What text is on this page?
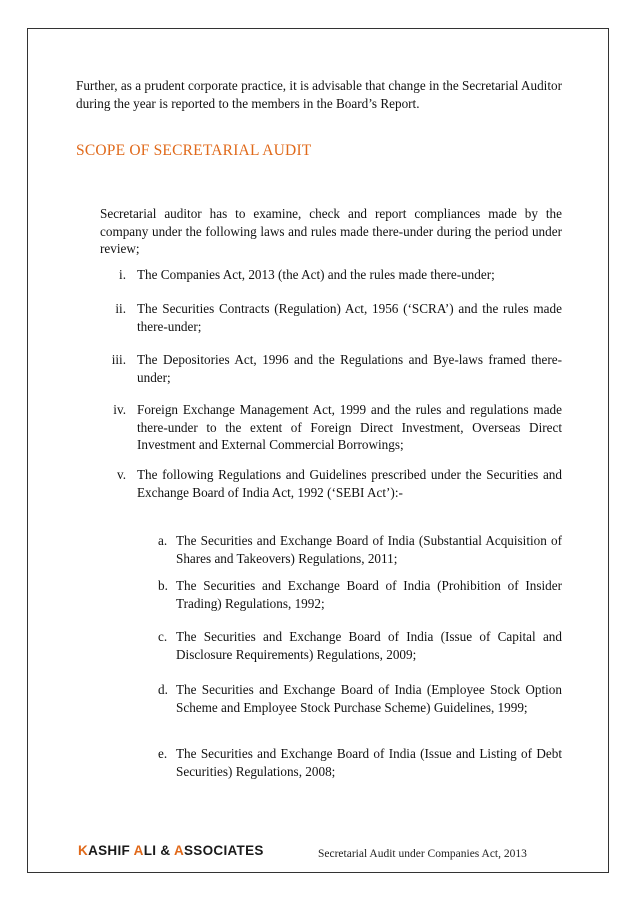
Further, as a prudent corporate practice, it is advisable that change in the Secretarial Auditor during the year is reported to the members in the Board’s Report.

SCOPE OF SECRETARIAL AUDIT

Secretarial auditor has to examine, check and report compliances made by the company under the following laws and rules made there-under during the period under review;

i. The Companies Act, 2013 (the Act) and the rules made there-under;
ii. The Securities Contracts (Regulation) Act, 1956 (‘SCRA’) and the rules made there-under;
iii. The Depositories Act, 1996 and the Regulations and Bye-laws framed there-under;
iv. Foreign Exchange Management Act, 1999 and the rules and regulations made there-under to the extent of Foreign Direct Investment, Overseas Direct Investment and External Commercial Borrowings;
v. The following Regulations and Guidelines prescribed under the Securities and Exchange Board of India Act, 1992 (‘SEBI Act’):-
a. The Securities and Exchange Board of India (Substantial Acquisition of Shares and Takeovers) Regulations, 2011;
b. The Securities and Exchange Board of India (Prohibition of Insider Trading) Regulations, 1992;
c. The Securities and Exchange Board of India (Issue of Capital and Disclosure Requirements) Regulations, 2009;
d. The Securities and Exchange Board of India (Employee Stock Option Scheme and Employee Stock Purchase Scheme) Guidelines, 1999;
e. The Securities and Exchange Board of India (Issue and Listing of Debt Securities) Regulations, 2008;
KASHIF ALI & ASSOCIATES	Secretarial Audit under Companies Act, 2013
